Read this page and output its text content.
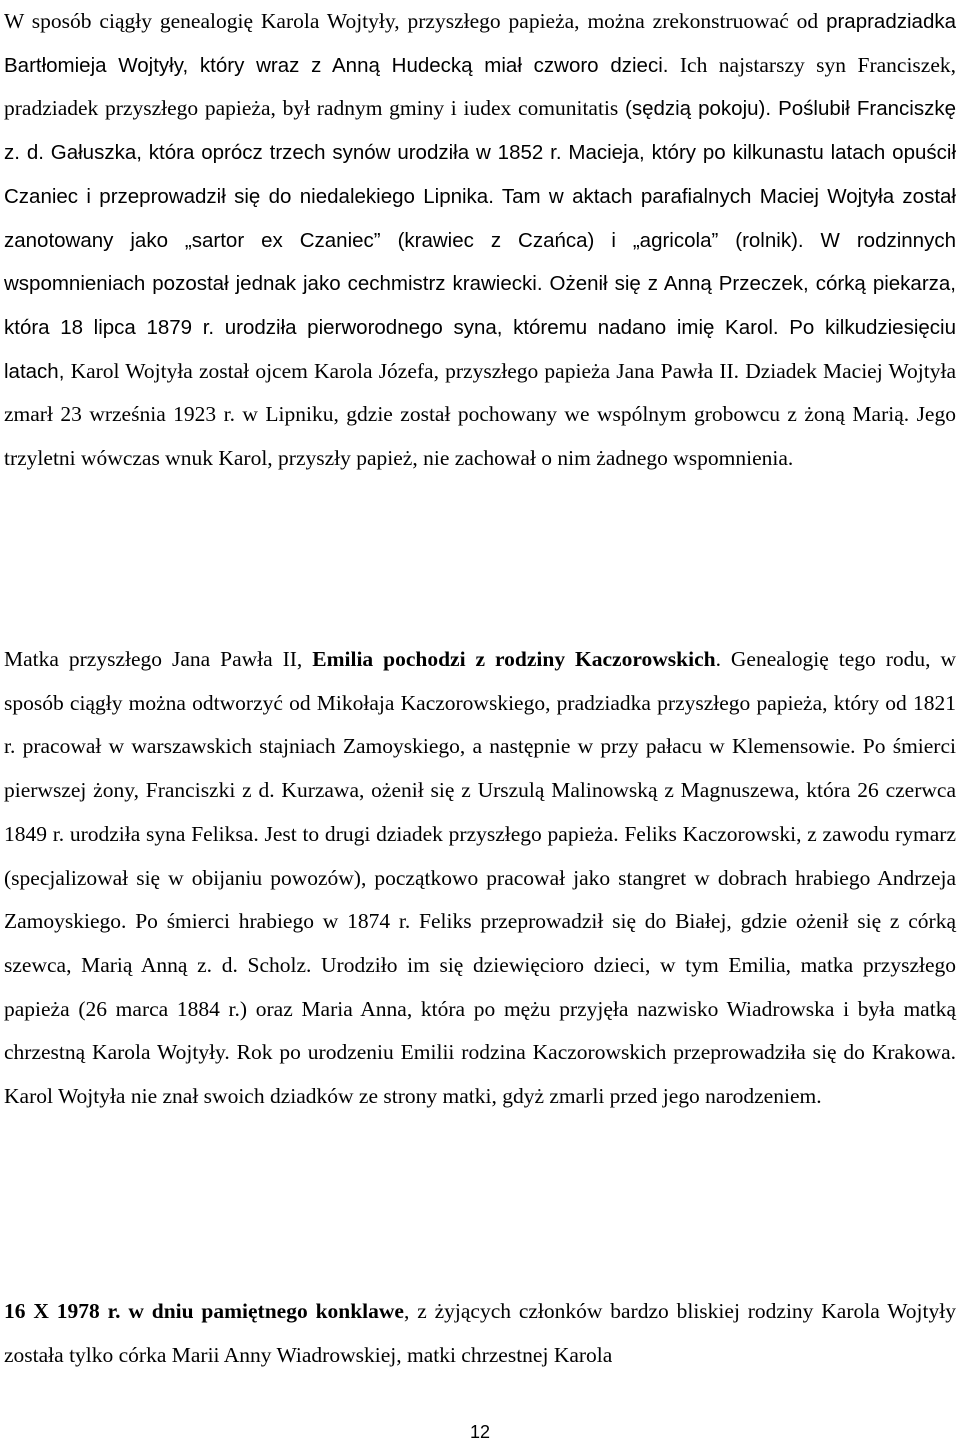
W sposób ciągły genealogię Karola Wojtyły, przyszłego papieża, można zrekonstruować od prapradziadka Bartłomieja Wojtyły, który wraz z Anną Hudecką miał czworo dzieci. Ich najstarszy syn Franciszek, pradziadek przyszłego papieża, był radnym gminy i iudex comunitatis (sędzią pokoju). Poślubił Franciszkę z. d. Gałuszka, która oprócz trzech synów urodziła w 1852 r. Macieja, który po kilkunastu latach opuścił Czaniec i przeprowadził się do niedalekiego Lipnika. Tam w aktach parafialnych Maciej Wojtyła został zanotowany jako „sartor ex Czaniec” (krawiec z Czańca) i „agricola” (rolnik). W rodzinnych wspomnieniach pozostał jednak jako cechmistrz krawiecki. Ożenił się z Anną Przeczek, córką piekarza, która 18 lipca 1879 r. urodziła pierworodnego syna, któremu nadano imię Karol. Po kilkudziesięciu latach, Karol Wojtyła został ojcem Karola Józefa, przyszłego papieża Jana Pawła II. Dziadek Maciej Wojtyła zmarł 23 września 1923 r. w Lipniku, gdzie został pochowany we wspólnym grobowcu z żoną Marią. Jego trzyletni wówczas wnuk Karol, przyszły papież, nie zachował o nim żadnego wspomnienia.

Matka przyszłego Jana Pawła II, Emilia pochodzi z rodziny Kaczorowskich. Genealogię tego rodu, w sposób ciągły można odtworzyć od Mikołaja Kaczorowskiego, pradziadka przyszłego papieża, który od 1821 r. pracował w warszawskich stajniach Zamoyskiego, a następnie w przy pałacu w Klemensowie. Po śmierci pierwszej żony, Franciszki z d. Kurzawa, ożenił się z Urszulą Malinowską z Magnuszewa, która 26 czerwca 1849 r. urodziła syna Feliksa. Jest to drugi dziadek przyszłego papieża. Feliks Kaczorowski, z zawodu rymarz (specjalizował się w obijaniu powozów), początkowo pracował jako stangret w dobrach hrabiego Andrzeja Zamoyskiego. Po śmierci hrabiego w 1874 r. Feliks przeprowadził się do Białej, gdzie ożenił się z córką szewca, Marią Anną z. d. Scholz. Urodziło im się dziewięcioro dzieci, w tym Emilia, matka przyszłego papieża (26 marca 1884 r.) oraz Maria Anna, która po mężu przyjęła nazwisko Wiadrowska i była matką chrzestną Karola Wojtyły. Rok po urodzeniu Emilii rodzina Kaczorowskich przeprowadziła się do Krakowa. Karol Wojtyła nie znał swoich dziadków ze strony matki, gdyż zmarli przed jego narodzeniem.

16 X 1978 r. w dniu pamiętnego konklawe, z żyjących członków bardzo bliskiej rodziny Karola Wojtyły została tylko córka Marii Anny Wiadrowskiej, matki chrzestnej Karola

12
